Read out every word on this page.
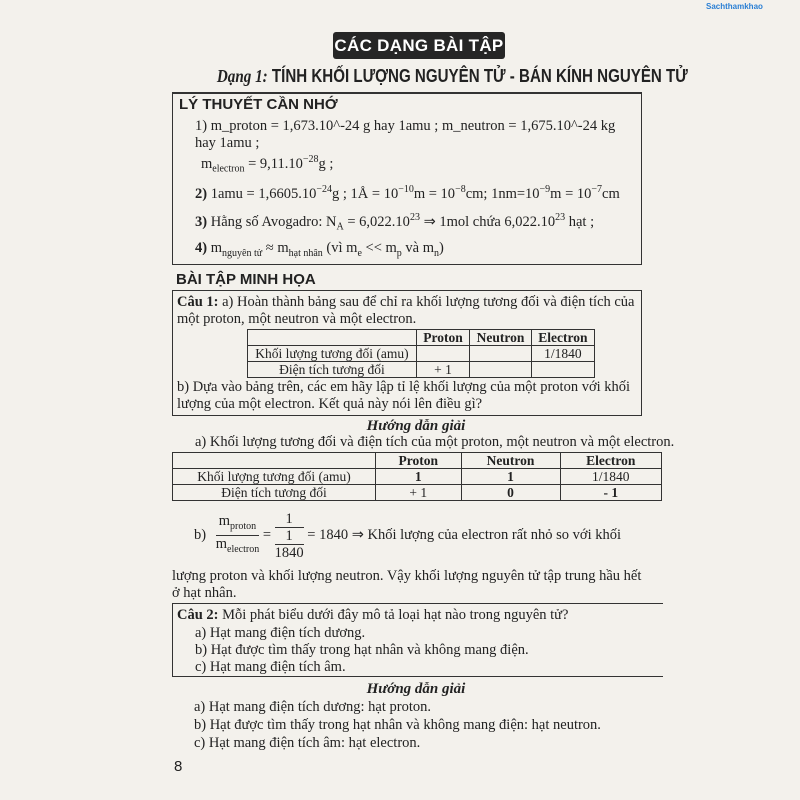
Sachthamkhao
CÁC DẠNG BÀI TẬP
Dạng 1: TÍNH KHỐI LƯỢNG NGUYÊN TỬ - BÁN KÍNH NGUYÊN TỬ
LÝ THUYẾT CẦN NHỚ
1) m_proton = 1,673.10^-24 g hay 1amu ; m_neutron = 1,675.10^-24 kg hay 1amu ;
$m_{electron} = 9,11.10^{-28}g$ ;
2) $1amu = 1,6605.10^{-24}g$ ; 1Å = $10^{-10}m = 10^{-8}cm$; $1nm=10^{-9}m = 10^{-7}cm$
3) Hằng số Avogadro: $N_A = 6,022.10^{23}$ ⇒ 1mol chứa 6,022.10$^{23}$ hạt ;
4) $m_{nguyên tử} \approx m_{hạt nhân}$ (vì $m_e << m_p$ và $m_n$)
BÀI TẬP MINH HỌA
Câu 1: a) Hoàn thành bảng sau để chỉ ra khối lượng tương đối và điện tích của
một proton, một neutron và một electron.
	Proton	Neutron	Electron
Khối lượng tương đối (amu)			1/1840
Điện tích tương đối	+ 1		
b) Dựa vào bảng trên, các em hãy lập tỉ lệ khối lượng của một proton với khối
lượng của một electron. Kết quả này nói lên điều gì?
Hướng dẫn giải
a) Khối lượng tương đối và điện tích của một proton, một neutron và một electron.
	Proton	Neutron	Electron
Khối lượng tương đối (amu)	1	1	1/1840
Điện tích tương đối	+ 1	0	- 1
$b) \frac{m_{proton}}{m_{electron}} = \frac{1}{\frac{1}{1840}} = 1840$ ⇒ Khối lượng của electron rất nhỏ so với khối
lượng proton và khối lượng neutron. Vậy khối lượng nguyên tử tập trung hầu hết
ở hạt nhân.
Câu 2: Mỗi phát biểu dưới đây mô tả loại hạt nào trong nguyên tử?
a) Hạt mang điện tích dương.
b) Hạt được tìm thấy trong hạt nhân và không mang điện.
c) Hạt mang điện tích âm.
Hướng dẫn giải
a) Hạt mang điện tích dương: hạt proton.
b) Hạt được tìm thấy trong hạt nhân và không mang điện: hạt neutron.
c) Hạt mang điện tích âm: hạt electron.
8
